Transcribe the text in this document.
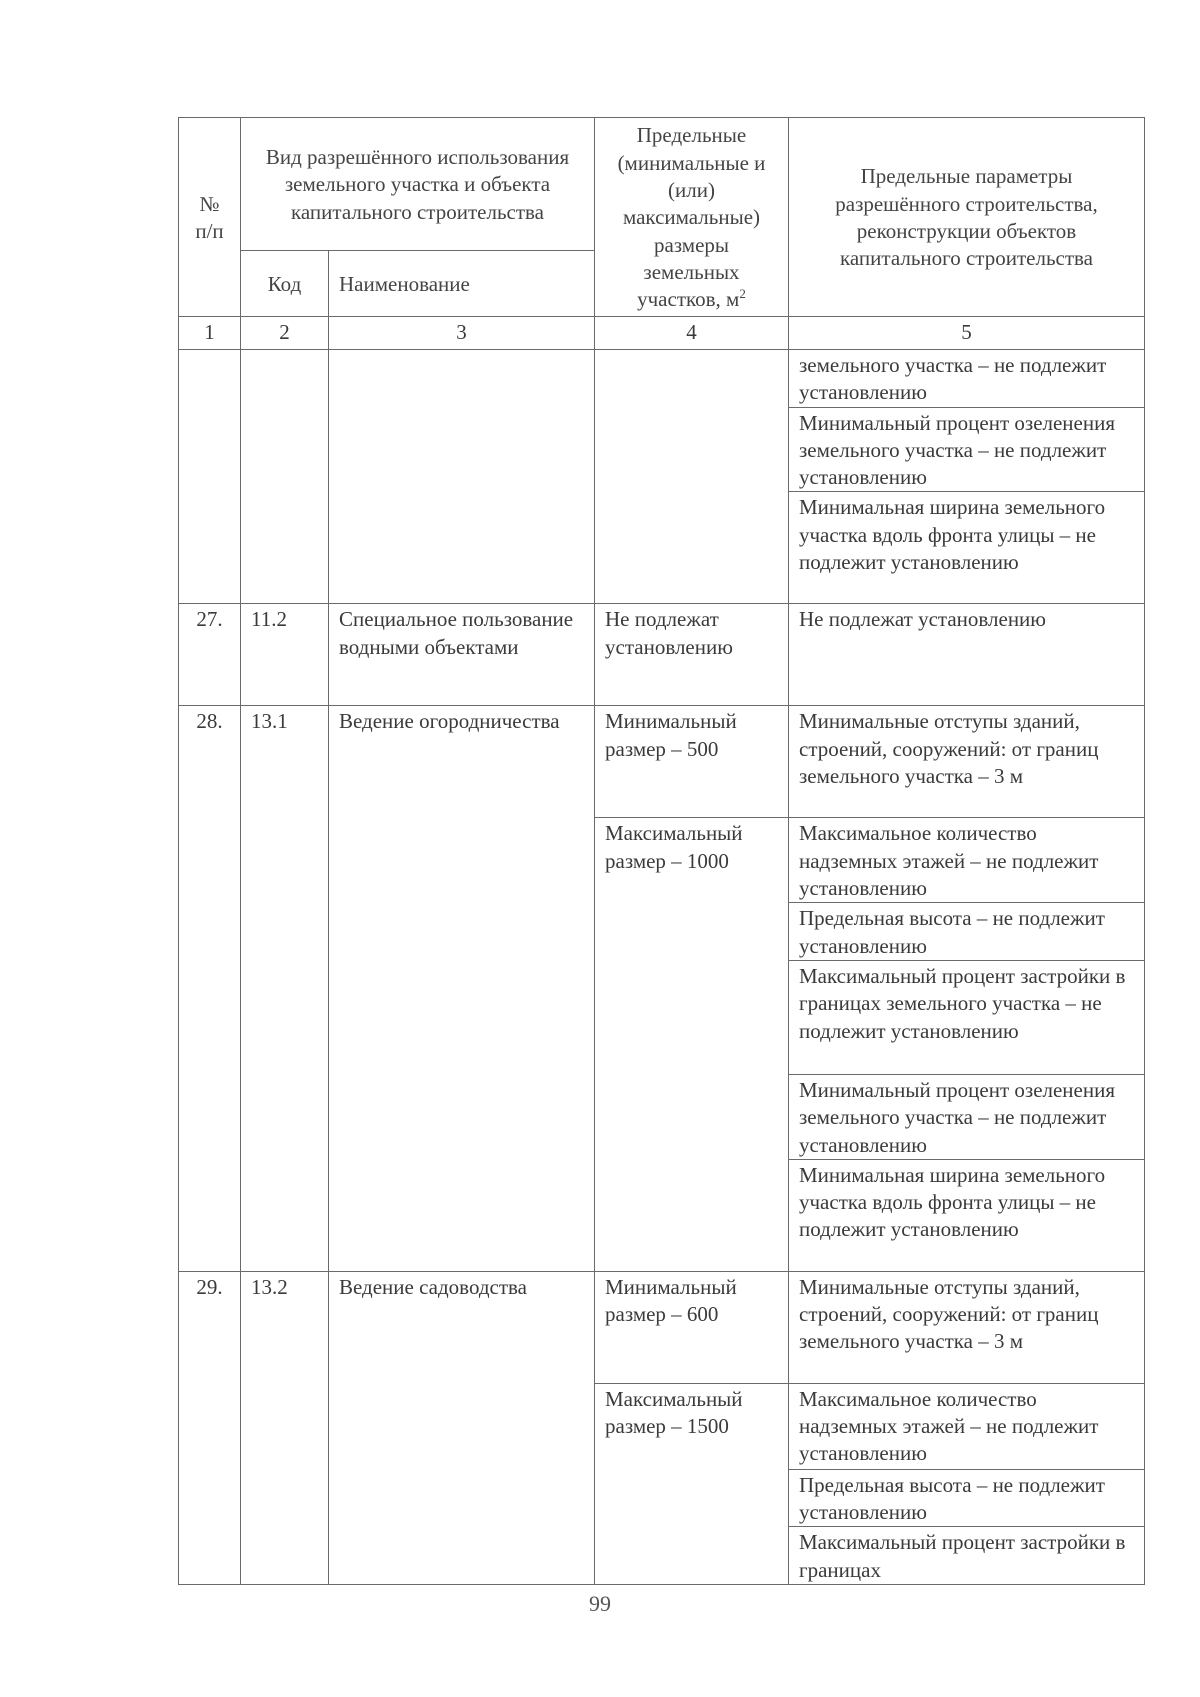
№ п/п	Вид разрешённого использования земельного участка и объекта капитального строительства		Предельные (минимальные и (или) максимальные) размеры земельных участков, $м^2$	Предельные параметры разрешённого строительства, реконструкции объектов капитального строительства
	Код	Наименование		
1	2	3	4	5
				земельного участка – не подлежит установлению
				Минимальный процент озеленения земельного участка – не подлежит установлению
				Минимальная ширина земельного участка вдоль фронта улицы – не подлежит установлению
27.	11.2	Специальное пользование водными объектами	Не подлежат установлению	Не подлежат установлению
28.	13.1	Ведение огородничества	Минимальный размер – 500	Минимальные отступы зданий, строений, сооружений: от границ земельного участка – 3 м
			Максимальный размер – 1000	Максимальное количество надземных этажей – не подлежит установлению
				Предельная высота – не подлежит установлению
				Максимальный процент застройки в границах земельного участка – не подлежит установлению
				Минимальный процент озеленения земельного участка – не подлежит установлению
				Минимальная ширина земельного участка вдоль фронта улицы – не подлежит установлению
29.	13.2	Ведение садоводства	Минимальный размер – 600	Минимальные отступы зданий, строений, сооружений: от границ земельного участка – 3 м
			Максимальный размер – 1500	Максимальное количество надземных этажей – не подлежит установлению
				Предельная высота – не подлежит установлению
				Максимальный процент застройки в границах
99
